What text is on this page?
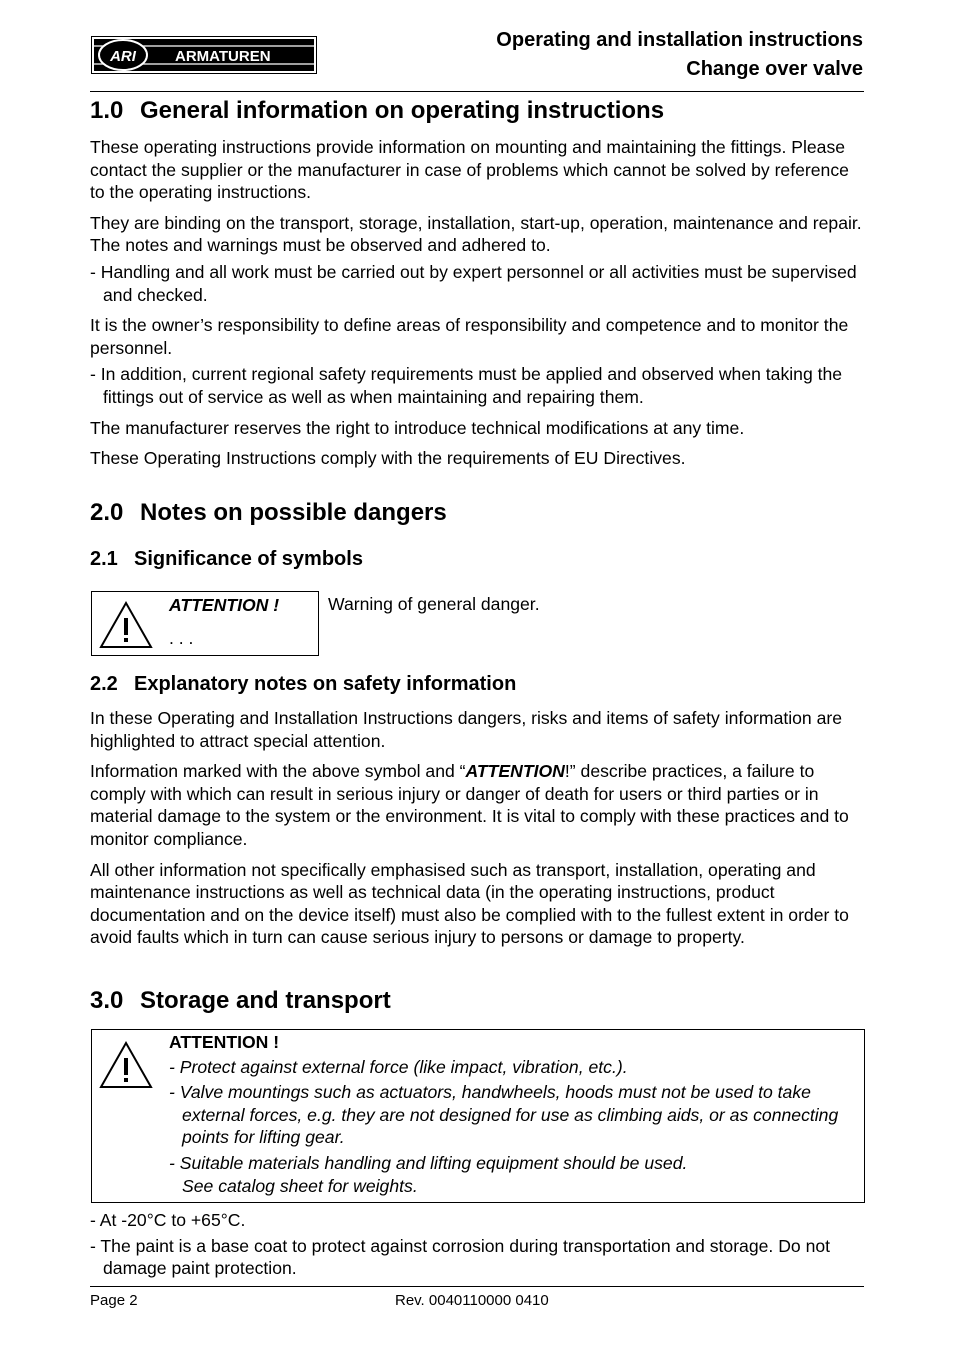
ARI	ARMATUREN
Operating and installation instructions
Change over valve
1.0 General information on operating instructions

These operating instructions provide information on mounting and maintaining the fittings. Please contact the supplier or the manufacturer in case of problems which cannot be solved by reference to the operating instructions.

They are binding on the transport, storage, installation, start-up, operation, maintenance and repair.

The notes and warnings must be observed and adhered to.

- Handling and all work must be carried out by expert personnel or all activities must be supervised and checked.

It is the owner’s responsibility to define areas of responsibility and competence and to monitor the personnel.

- In addition, current regional safety requirements must be applied and observed when taking the fittings out of service as well as when maintaining and repairing them.

The manufacturer reserves the right to introduce technical modifications at any time.

These Operating Instructions comply with the requirements of EU Directives.

2.0 Notes on possible dangers
2.1 Significance of symbols
ATTENTION !
. . .
Warning of general danger.
2.2 Explanatory notes on safety information

In these Operating and Installation Instructions dangers, risks and items of safety information are highlighted to attract special attention.

Information marked with the above symbol and “ATTENTION!” describe practices, a failure to comply with which can result in serious injury or danger of death for users or third parties or in material damage to the system or the environment. It is vital to comply with these practices and to monitor compliance.

All other information not specifically emphasised such as transport, installation, operating and maintenance instructions as well as technical data (in the operating instructions, product documentation and on the device itself) must also be complied with to the fullest extent in order to avoid faults which in turn can cause serious injury to persons or damage to property.

3.0 Storage and transport
ATTENTION !

- Protect against external force (like impact, vibration, etc.).

- Valve mountings such as actuators, handwheels, hoods must not be used to take external forces, e.g. they are not designed for use as climbing aids, or as connecting points for lifting gear.

- Suitable materials handling and lifting equipment should be used.
See catalog sheet for weights.

- At -20°C to +65°C.

- The paint is a base coat to protect against corrosion during transportation and storage. Do not damage paint protection.

Page 2	Rev. 0040110000 0410
